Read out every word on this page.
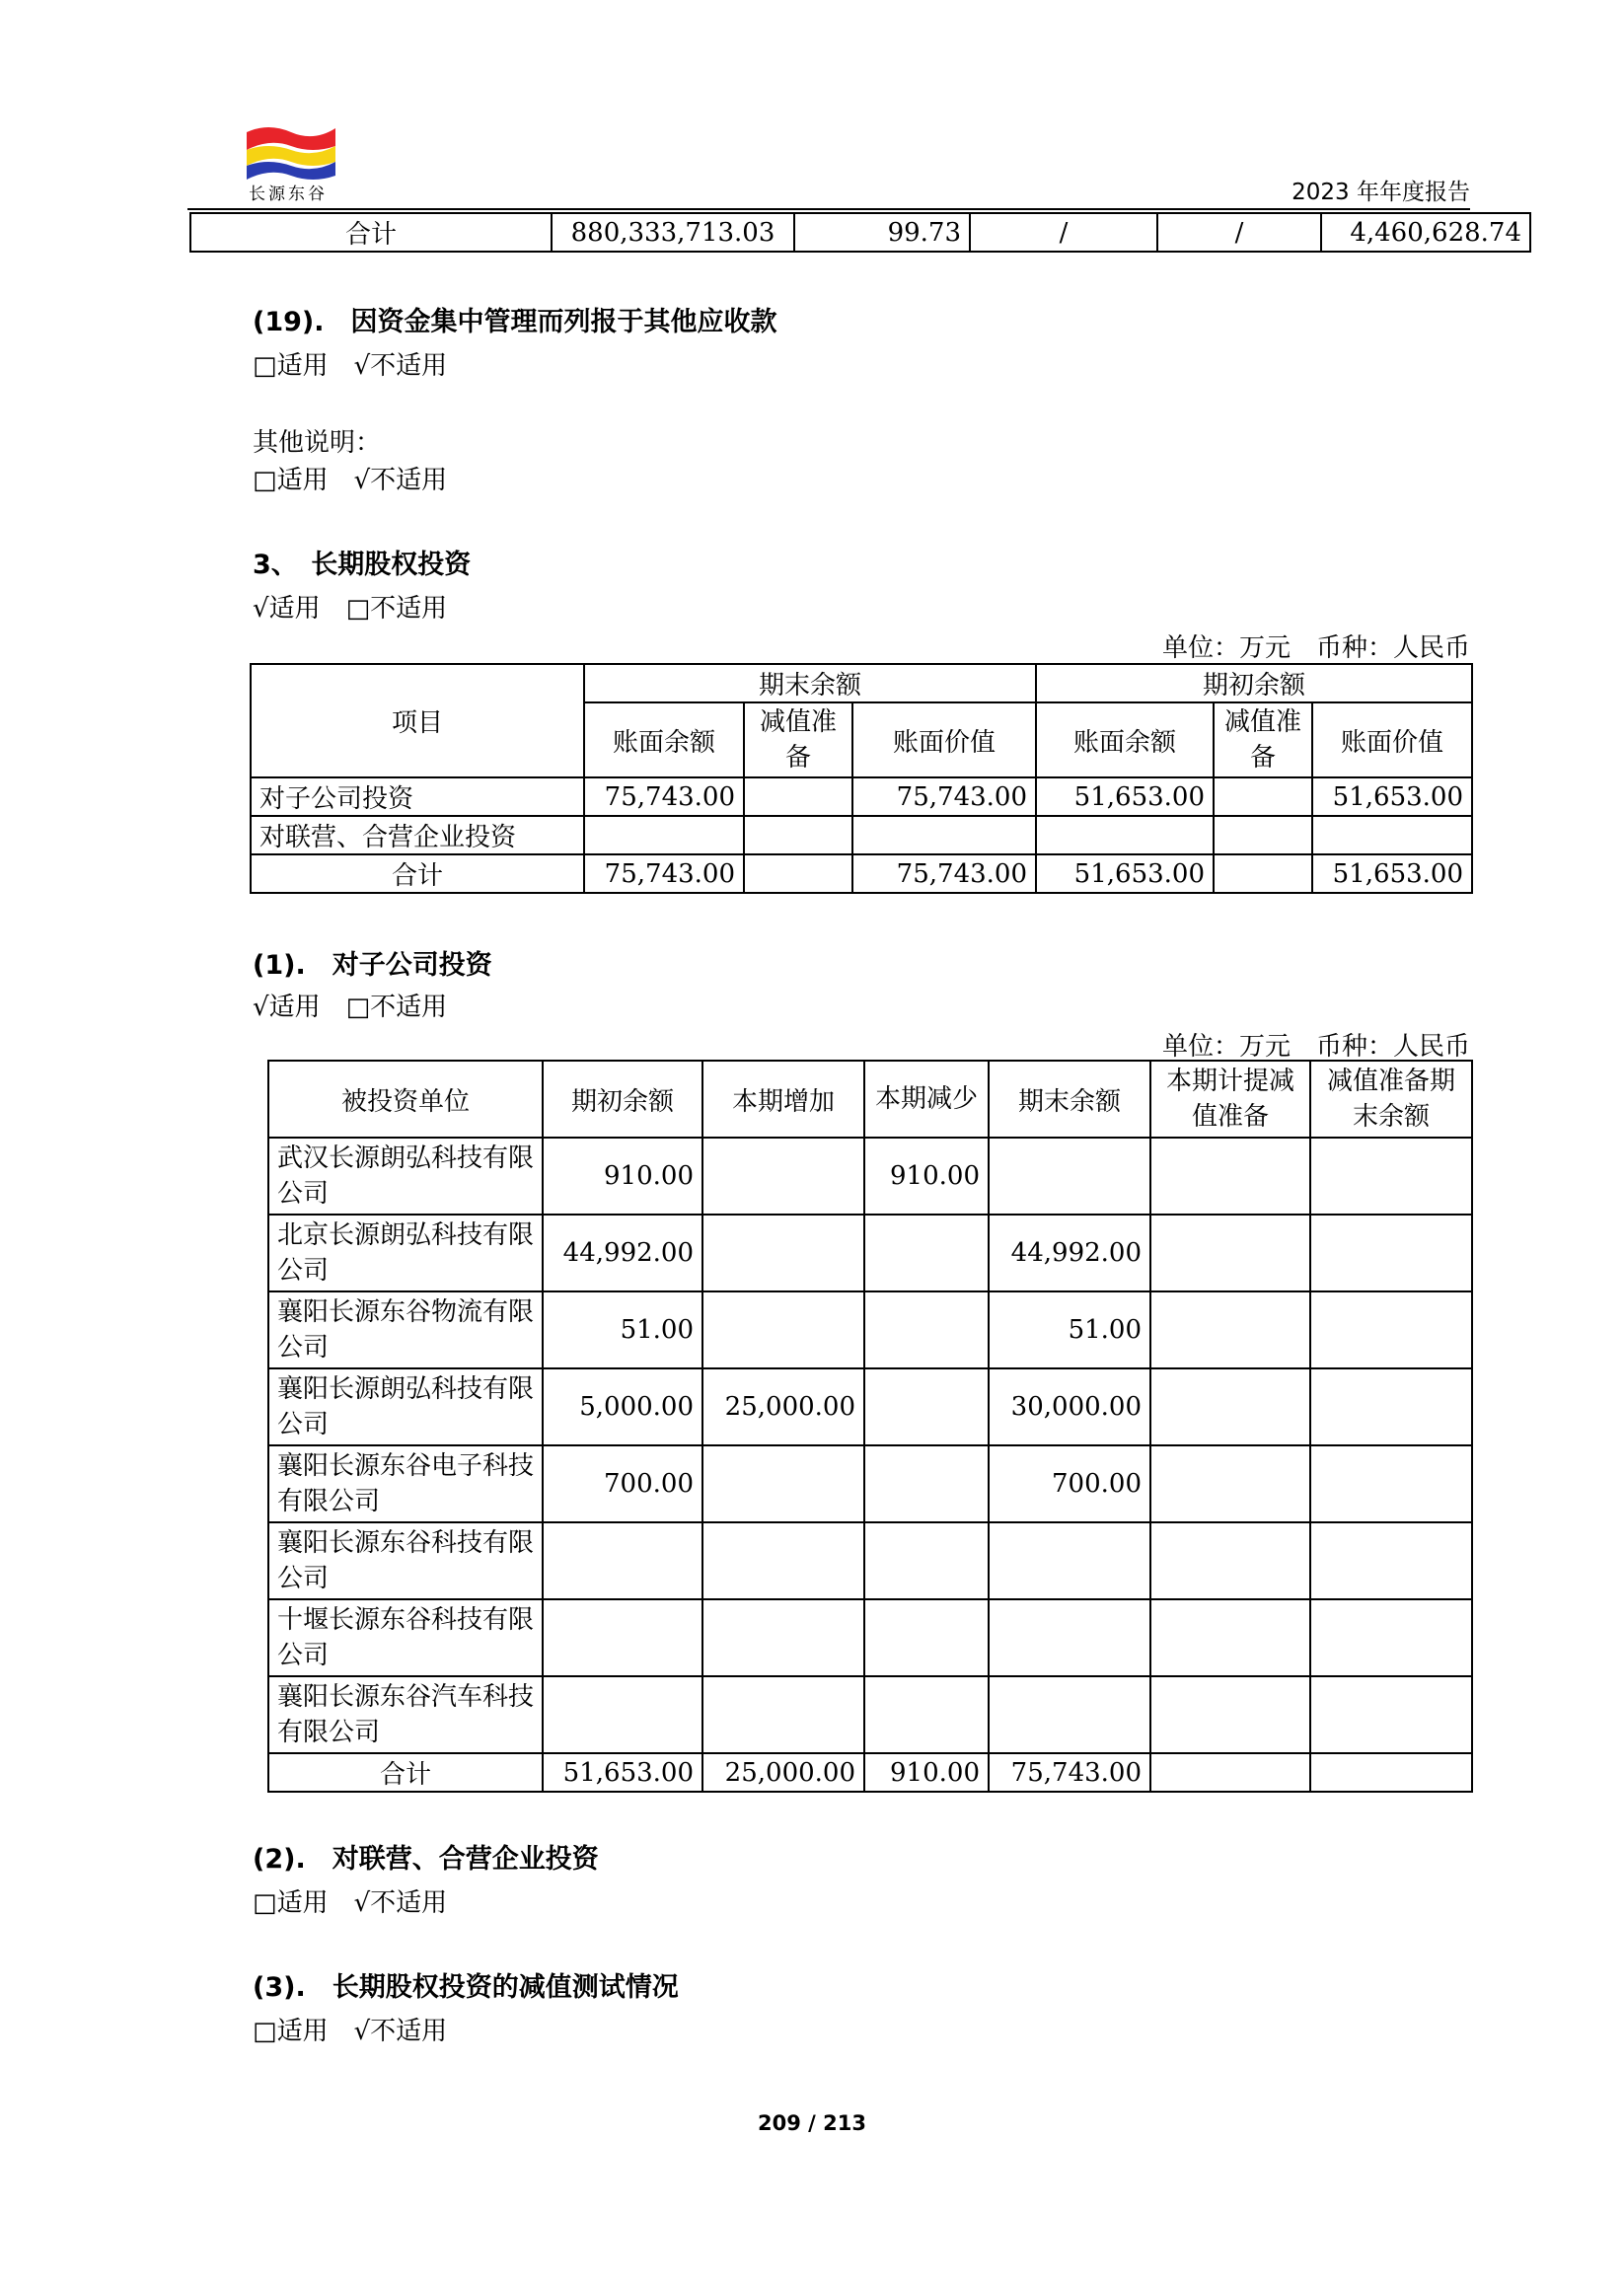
长源东谷	2023 年年度报告
合计	880,333,713.03	99.73	/	/	4,460,628.74
(19).　因资金集中管理而列报于其他应收款
□适用　√不适用
其他说明：
□适用　√不适用
3、　长期股权投资
√适用　□不适用
单位：万元　币种：人民币
项目	期末余额			期初余额		
	账面余额	减值准备	账面价值	账面余额	减值准备	账面价值
对子公司投资	75,743.00		75,743.00	51,653.00		51,653.00
对联营、合营企业投资						
合计	75,743.00		75,743.00	51,653.00		51,653.00
(1).　对子公司投资
√适用　□不适用
单位：万元　币种：人民币
被投资单位	期初余额	本期增加	本期减少	期末余额	本期计提减值准备	减值准备期末余额
武汉长源朗弘科技有限公司	910.00		910.00			
北京长源朗弘科技有限公司	44,992.00			44,992.00		
襄阳长源东谷物流有限公司	51.00			51.00		
襄阳长源朗弘科技有限公司	5,000.00	25,000.00		30,000.00		
襄阳长源东谷电子科技有限公司	700.00			700.00		
襄阳长源东谷科技有限公司						
十堰长源东谷科技有限公司						
襄阳长源东谷汽车科技有限公司						
合计	51,653.00	25,000.00	910.00	75,743.00		
(2).　对联营、合营企业投资
□适用　√不适用
(3).　长期股权投资的减值测试情况
□适用　√不适用
209 / 213
